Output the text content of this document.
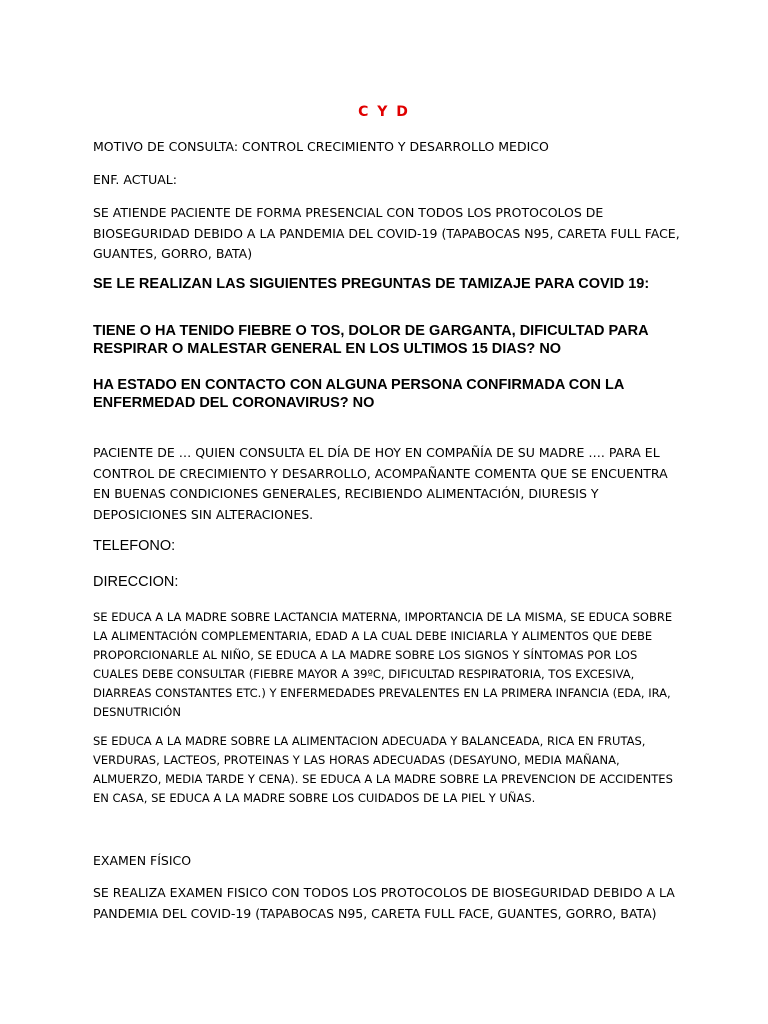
C Y D

MOTIVO DE CONSULTA: CONTROL CRECIMIENTO Y DESARROLLO MEDICO

ENF. ACTUAL:

SE ATIENDE PACIENTE DE FORMA PRESENCIAL CON TODOS LOS PROTOCOLOS DE BIOSEGURIDAD DEBIDO A LA PANDEMIA DEL COVID-19 (TAPABOCAS N95, CARETA FULL FACE, GUANTES, GORRO, BATA)

SE LE REALIZAN LAS SIGUIENTES PREGUNTAS DE TAMIZAJE PARA COVID 19:

TIENE O HA TENIDO FIEBRE O TOS, DOLOR DE GARGANTA, DIFICULTAD PARA RESPIRAR O MALESTAR GENERAL EN LOS ULTIMOS 15 DIAS? NO

HA ESTADO EN CONTACTO CON ALGUNA PERSONA CONFIRMADA CON LA ENFERMEDAD DEL CORONAVIRUS? NO

PACIENTE DE … QUIEN CONSULTA EL DÍA DE HOY EN COMPAÑÍA DE SU MADRE …. PARA EL CONTROL DE CRECIMIENTO Y DESARROLLO, ACOMPAÑANTE COMENTA QUE SE ENCUENTRA EN BUENAS CONDICIONES GENERALES, RECIBIENDO ALIMENTACIÓN, DIURESIS Y DEPOSICIONES SIN ALTERACIONES.

TELEFONO:

DIRECCION:

SE EDUCA A LA MADRE SOBRE LACTANCIA MATERNA, IMPORTANCIA DE LA MISMA, SE EDUCA SOBRE LA ALIMENTACIÓN COMPLEMENTARIA, EDAD A LA CUAL DEBE INICIARLA Y ALIMENTOS QUE DEBE PROPORCIONARLE AL NIÑO, SE EDUCA A LA MADRE SOBRE LOS SIGNOS Y SÍNTOMAS POR LOS CUALES DEBE CONSULTAR (FIEBRE MAYOR A 39ºC, DIFICULTAD RESPIRATORIA, TOS EXCESIVA, DIARREAS CONSTANTES ETC.) Y ENFERMEDADES PREVALENTES EN LA PRIMERA INFANCIA (EDA, IRA, DESNUTRICIÓN

SE EDUCA A LA MADRE SOBRE LA ALIMENTACION ADECUADA Y BALANCEADA, RICA EN FRUTAS, VERDURAS, LACTEOS, PROTEINAS Y LAS HORAS ADECUADAS (DESAYUNO, MEDIA MAÑANA, ALMUERZO, MEDIA TARDE Y CENA). SE EDUCA A LA MADRE SOBRE LA PREVENCION DE ACCIDENTES EN CASA, SE EDUCA A LA MADRE SOBRE LOS CUIDADOS DE LA PIEL Y UÑAS.

EXAMEN FÍSICO

SE REALIZA EXAMEN FISICO CON TODOS LOS PROTOCOLOS DE BIOSEGURIDAD DEBIDO A LA PANDEMIA DEL COVID-19 (TAPABOCAS N95, CARETA FULL FACE, GUANTES, GORRO, BATA)
